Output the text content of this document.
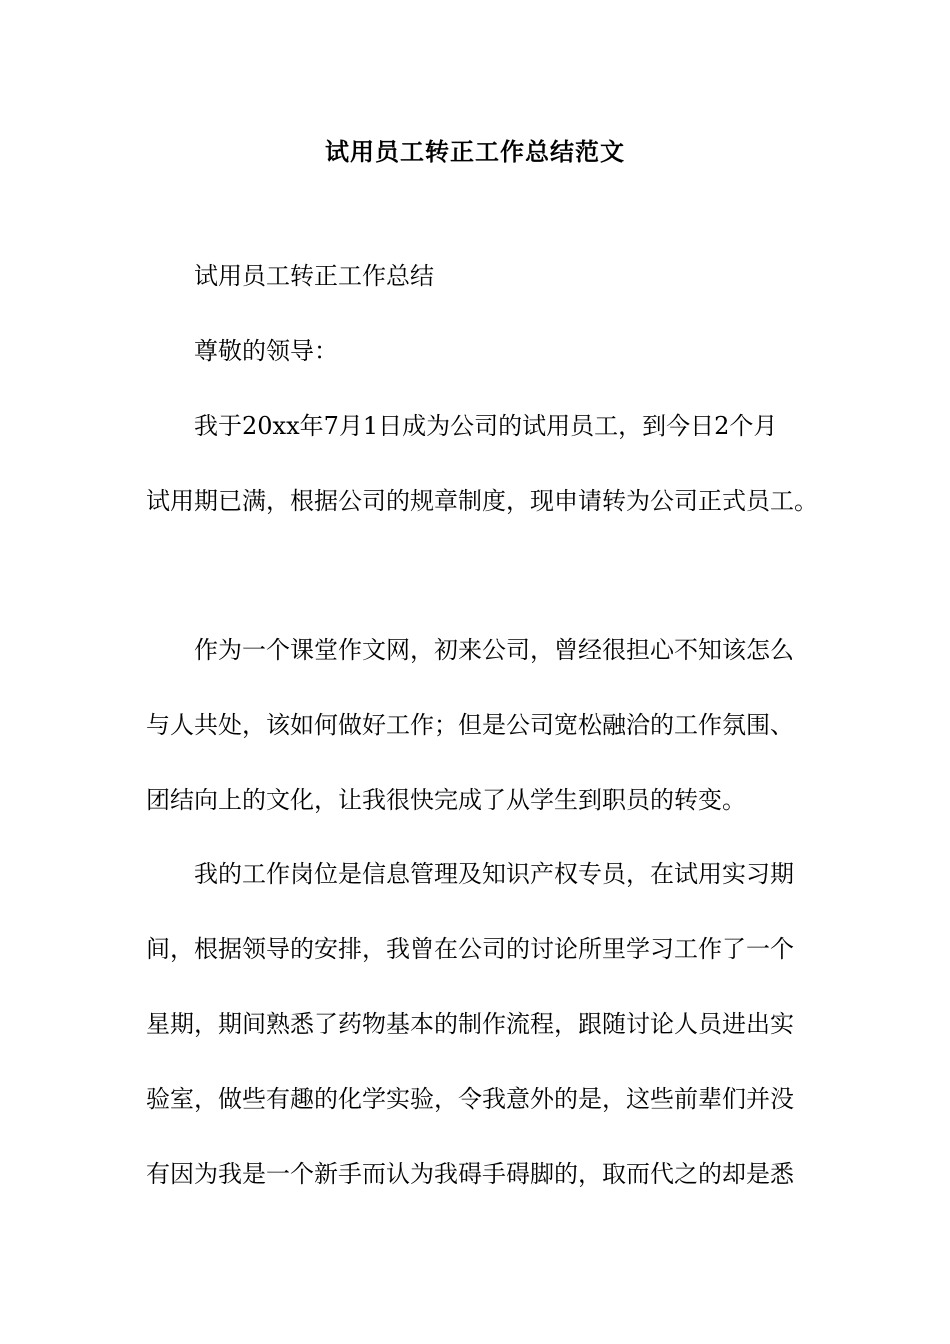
试用员工转正工作总结范文
试用员工转正工作总结
尊敬的领导：
我于20xx年7月1日成为公司的试用员工，到今日2个月
试用期已满，根据公司的规章制度，现申请转为公司正式员工。
作为一个课堂作文网，初来公司，曾经很担心不知该怎么
与人共处，该如何做好工作；但是公司宽松融洽的工作氛围、
团结向上的文化，让我很快完成了从学生到职员的转变。
我的工作岗位是信息管理及知识产权专员，在试用实习期
间，根据领导的安排，我曾在公司的讨论所里学习工作了一个
星期，期间熟悉了药物基本的制作流程，跟随讨论人员进出实
验室，做些有趣的化学实验，令我意外的是，这些前辈们并没
有因为我是一个新手而认为我碍手碍脚的，取而代之的却是悉
